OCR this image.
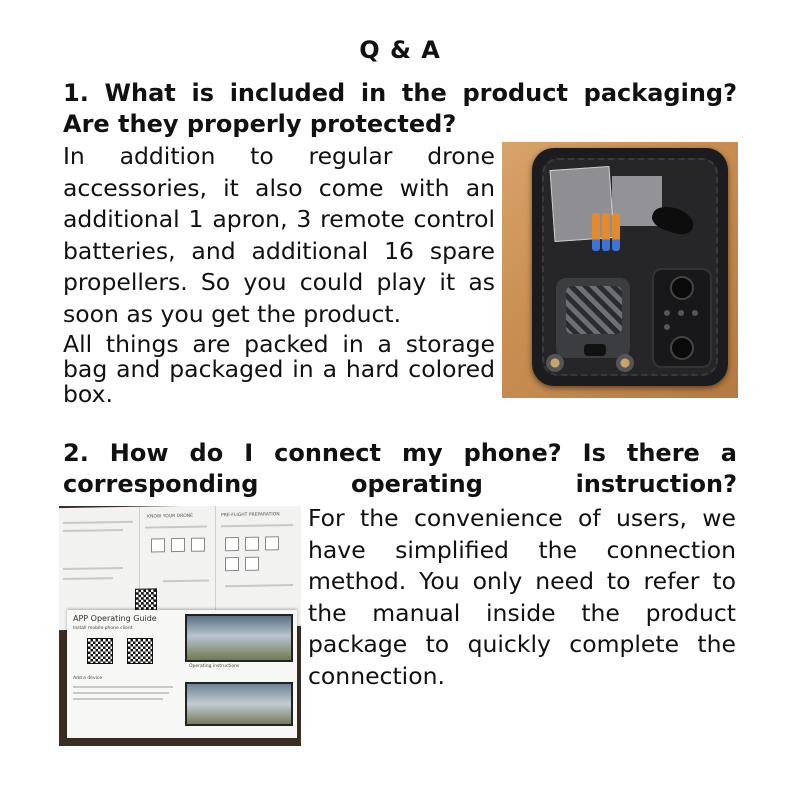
Q & A
1. What is included in the product packaging? Are they properly protected?
In addition to regular drone accessories, it also come with an additional 1 apron, 3 remote control batteries, and additional 16 spare propellers. So you could play it as soon as you get the product.
All things are packed in a storage bag and packaged in a hard colored box.
2. How do I connect my phone? Is there a
corresponding operating instruction?
KNOW YOUR DRONE	PRE-FLIGHT PREPARATION
APP Operating Guide
Install mobile phone client
Add a device
Operating instructions
For the convenience of users, we have simplified the connection method. You only need to refer to the manual inside the product package to quickly complete the connection.
